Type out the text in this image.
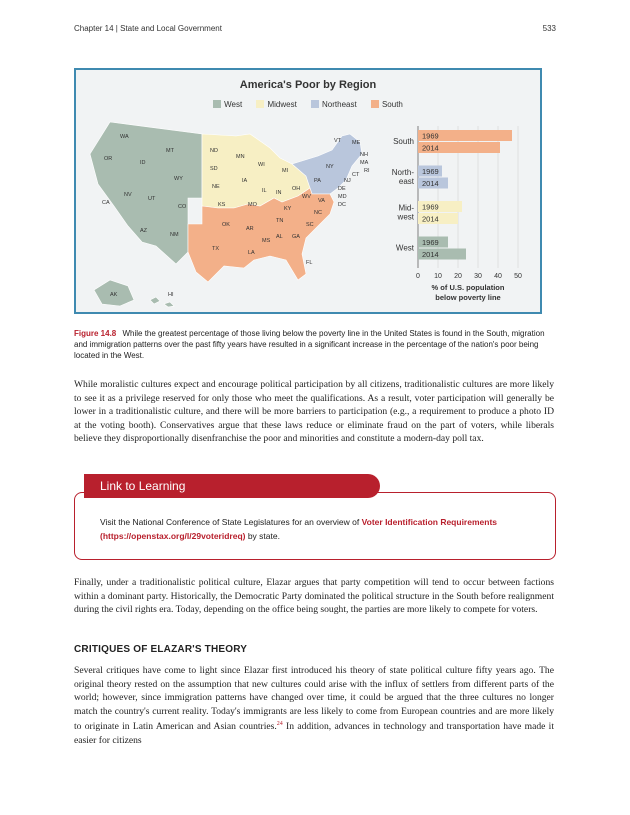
Chapter 14 | State and Local Government	533
America's Poor by Region
West	Midwest	Northeast	South
WA
OR
ID
MT
WY
NV
UT
CA
AZ
NM
CO
AK	HI
ND
SD
NE
KS
MN
IA
MO
WI
IL IN
MI
OH
TX
OK
AR
LA
MS
AL
TN
KY
GA
FL
SC
NC
VA
WV	MD
DE
DC
PA
NY
VT ME
NH
MA
RI
CT
NJ
1969
2014
1969
2014
1969
2014
1969
2014
South
North-
east
Mid-
west
West
0 10 20 30 40 50
% of U.S. population
below poverty line
Figure 14.8 While the greatest percentage of those living below the poverty line in the United States is found in the South, migration and immigration patterns over the past fifty years have resulted in a significant increase in the percentage of the nation's poor being located in the West.
While moralistic cultures expect and encourage political participation by all citizens, traditionalistic cultures are more likely to see it as a privilege reserved for only those who meet the qualifications. As a result, voter participation will generally be lower in a traditionalistic culture, and there will be more barriers to participation (e.g., a requirement to produce a photo ID at the voting booth). Conservatives argue that these laws reduce or eliminate fraud on the part of voters, while liberals believe they disproportionally disenfranchise the poor and minorities and constitute a modern-day poll tax.
Link to Learning
Visit the National Conference of State Legislatures for an overview of Voter Identification Requirements (https://openstax.org/l/29voteridreq) by state.
Finally, under a traditionalistic political culture, Elazar argues that party competition will tend to occur between factions within a dominant party. Historically, the Democratic Party dominated the political structure in the South before realignment during the civil rights era. Today, depending on the office being sought, the parties are more likely to compete for voters.
CRITIQUES OF ELAZAR'S THEORY
Several critiques have come to light since Elazar first introduced his theory of state political culture fifty years ago. The original theory rested on the assumption that new cultures could arise with the influx of settlers from different parts of the world; however, since immigration patterns have changed over time, it could be argued that the three cultures no longer match the country's current reality. Today's immigrants are less likely to come from European countries and are more likely to originate in Latin American and Asian countries.$^{24}$ In addition, advances in technology and transportation have made it easier for citizens
